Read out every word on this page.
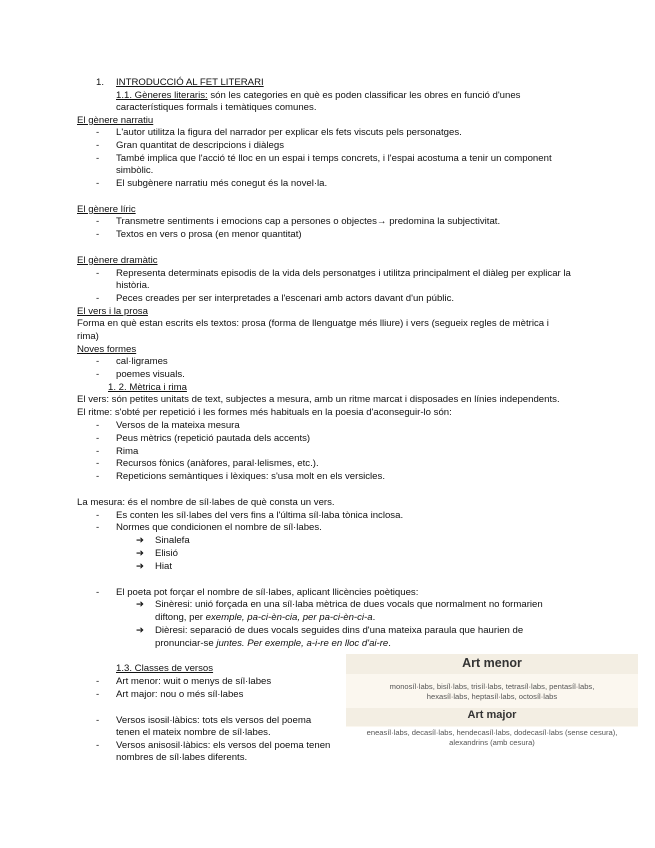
1. INTRODUCCIÓ AL FET LITERARI
1.1. Gèneres literaris: són les categories en què es poden classificar les obres en funció d'unes
característiques formals i temàtiques comunes.
El gènere narratiu
- L'autor utilitza la figura del narrador per explicar els fets viscuts pels personatges.
- Gran quantitat de descripcions i diàlegs
- També implica que l'acció té lloc en un espai i temps concrets, i l'espai acostuma a tenir un component
simbòlic.
- El subgènere narratiu més conegut és la novel·la.
El gènere líric
- Transmetre sentiments i emocions cap a persones o objectes→ predomina la subjectivitat.
- Textos en vers o prosa (en menor quantitat)
El gènere dramàtic
- Representa determinats episodis de la vida dels personatges i utilitza principalment el diàleg per explicar la
història.
- Peces creades per ser interpretades a l'escenari amb actors davant d'un públic.
El vers i la prosa
Forma en què estan escrits els textos: prosa (forma de llenguatge més lliure) i vers (segueix regles de mètrica i
rima)
Noves formes
- cal·ligrames
- poemes visuals.
1. 2. Mètrica i rima
El vers: són petites unitats de text, subjectes a mesura, amb un ritme marcat i disposades en línies independents.
El ritme: s'obté per repetició i les formes més habituals en la poesia d'aconseguir-lo són:
- Versos de la mateixa mesura
- Peus mètrics (repetició pautada dels accents)
- Rima
- Recursos fònics (anàfores, paral·lelismes, etc.).
- Repeticions semàntiques i lèxiques: s'usa molt en els versicles.
La mesura: és el nombre de síl·labes de què consta un vers.
- Es conten les síl·labes del vers fins a l'última síl·laba tònica inclosa.
- Normes que condicionen el nombre de síl·labes.
➔ Sinalefa
➔ Elisió
➔ Hiat
- El poeta pot forçar el nombre de síl·labes, aplicant llicències poètiques:
➔ Sinèresi: unió forçada en una síl·laba mètrica de dues vocals que normalment no formarien
diftong, per exemple, pa-ci-èn-cia, per pa-ci-èn-ci-a.
➔ Dièresi: separació de dues vocals seguides dins d'una mateixa paraula que haurien de
pronunciar-se juntes. Per exemple, a-i-re en lloc d'ai-re.
1.3. Classes de versos
- Art menor: wuit o menys de síl·labes
- Art major: nou o més síl·labes
- Versos isosil·làbics: tots els versos del poema
tenen el mateix nombre de síl·labes.
- Versos anisosil·làbics: els versos del poema tenen
nombres de síl·labes diferents.
Art menor
monosíl·labs, bisíl·labs, trisíl·labs, tetrasíl·labs, pentasíl·labs,
hexasíl·labs, heptasíl·labs, octosíl·labs
Art major
eneasíl·labs, decasíl·labs, hendecasíl·labs, dodecasíl·labs (sense cesura),
alexandrins (amb cesura)
